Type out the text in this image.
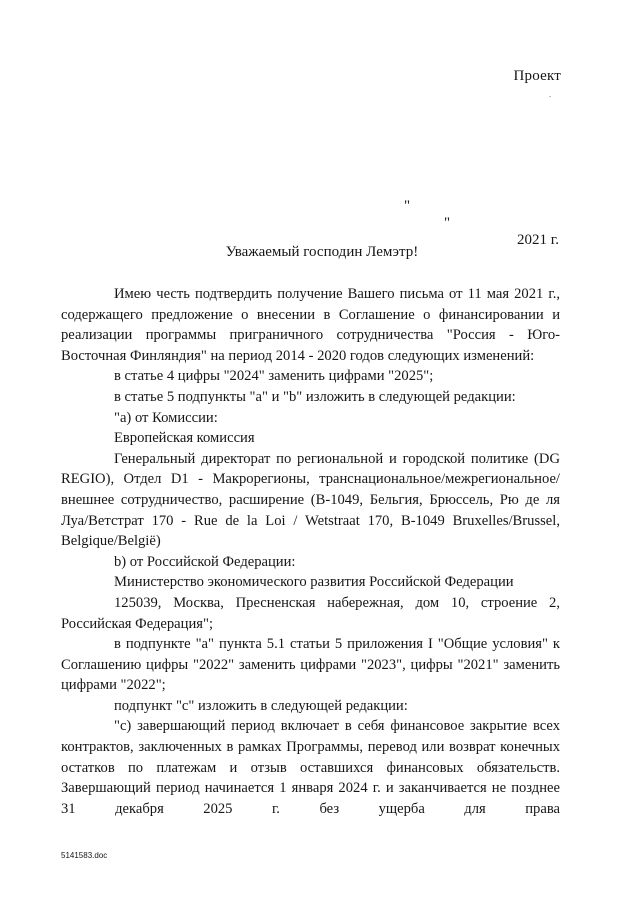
Проект

"

"

2021 г.

Уважаемый господин Лемэтр!

Имею честь подтвердить получение Вашего письма от 11 мая 2021 г., содержащего предложение о внесении в Соглашение о финансировании и реализации программы приграничного сотрудничества "Россия - Юго-Восточная Финляндия" на период 2014 - 2020 годов следующих изменений:

в статье 4 цифры "2024" заменить цифрами "2025";

в статье 5 подпункты "а" и "b" изложить в следующей редакции:

"а) от Комиссии:

Европейская комиссия

Генеральный директорат по региональной и городской политике (DG REGIO), Отдел D1 - Макрорегионы, транснациональное/межрегиональное/ внешнее сотрудничество, расширение (B-1049, Бельгия, Брюссель, Рю де ля Луа/Ветстрат 170 - Rue de la Loi / Wetstraat 170, B-1049 Bruxelles/Brussel, Belgique/België)

b) от Российской Федерации:

Министерство экономического развития Российской Федерации

125039, Москва, Пресненская набережная, дом 10, строение 2, Российская Федерация";

в подпункте "а" пункта 5.1 статьи 5 приложения I "Общие условия" к Соглашению цифры "2022" заменить цифрами "2023", цифры "2021" заменить цифрами "2022";

подпункт "с" изложить в следующей редакции:

"с) завершающий период включает в себя финансовое закрытие всех контрактов, заключенных в рамках Программы, перевод или возврат конечных остатков по платежам и отзыв оставшихся финансовых обязательств. Завершающий период начинается 1 января 2024 г. и заканчивается не позднее 31 декабря 2025 г. без ущерба для права

5141583.doc
